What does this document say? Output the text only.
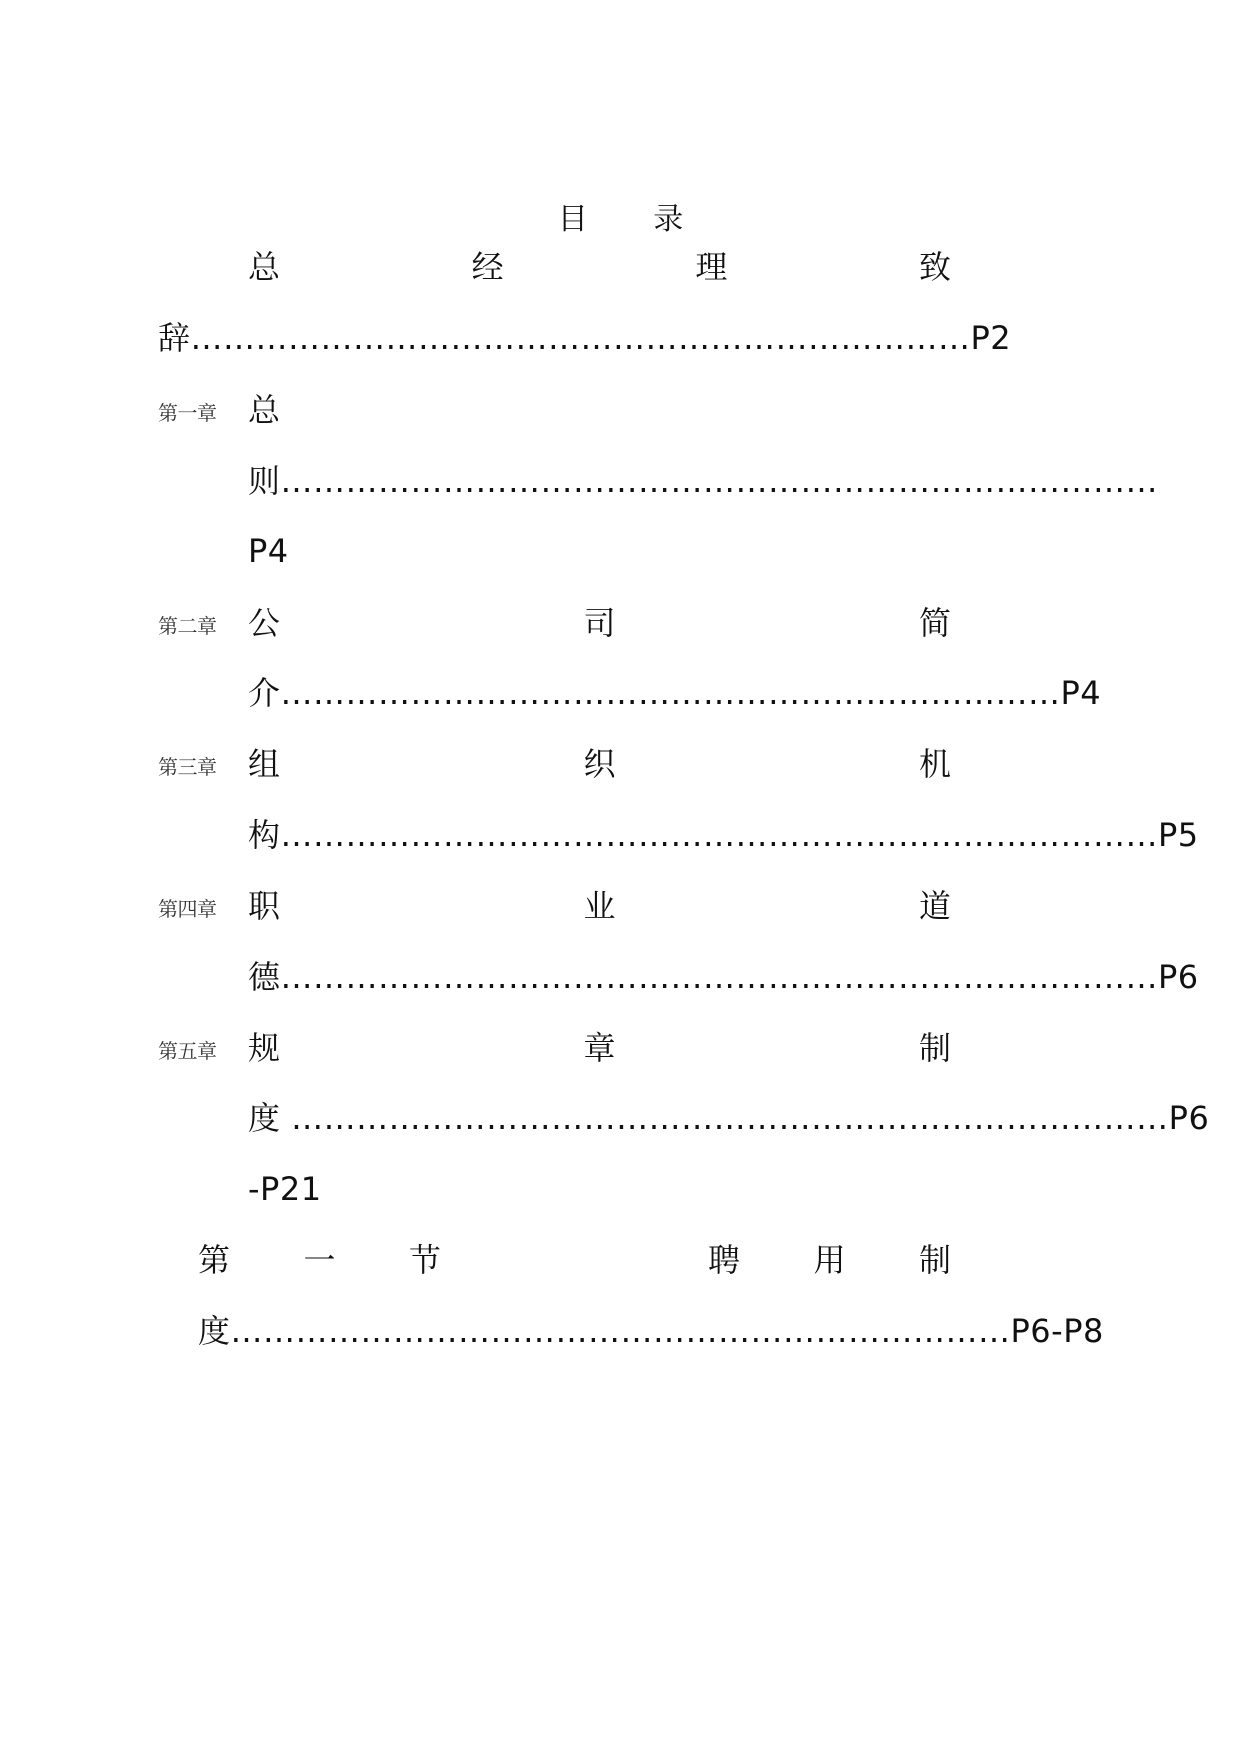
目 录
总	经	理	致
辞………………………………………………………………P2
第一章 总
则………………………………………………………………………
P4
第二章 公	司	简
介………………………………………………………………P4
第三章 组	织	机
构………………………………………………………………………P5
第四章 职	业	道
德………………………………………………………………………P6
第五章 规	章	制
度 ………………………………………………………………………P6
-P21
第 一 节	聘 用 制
度………………………………………………………………P6-P8
